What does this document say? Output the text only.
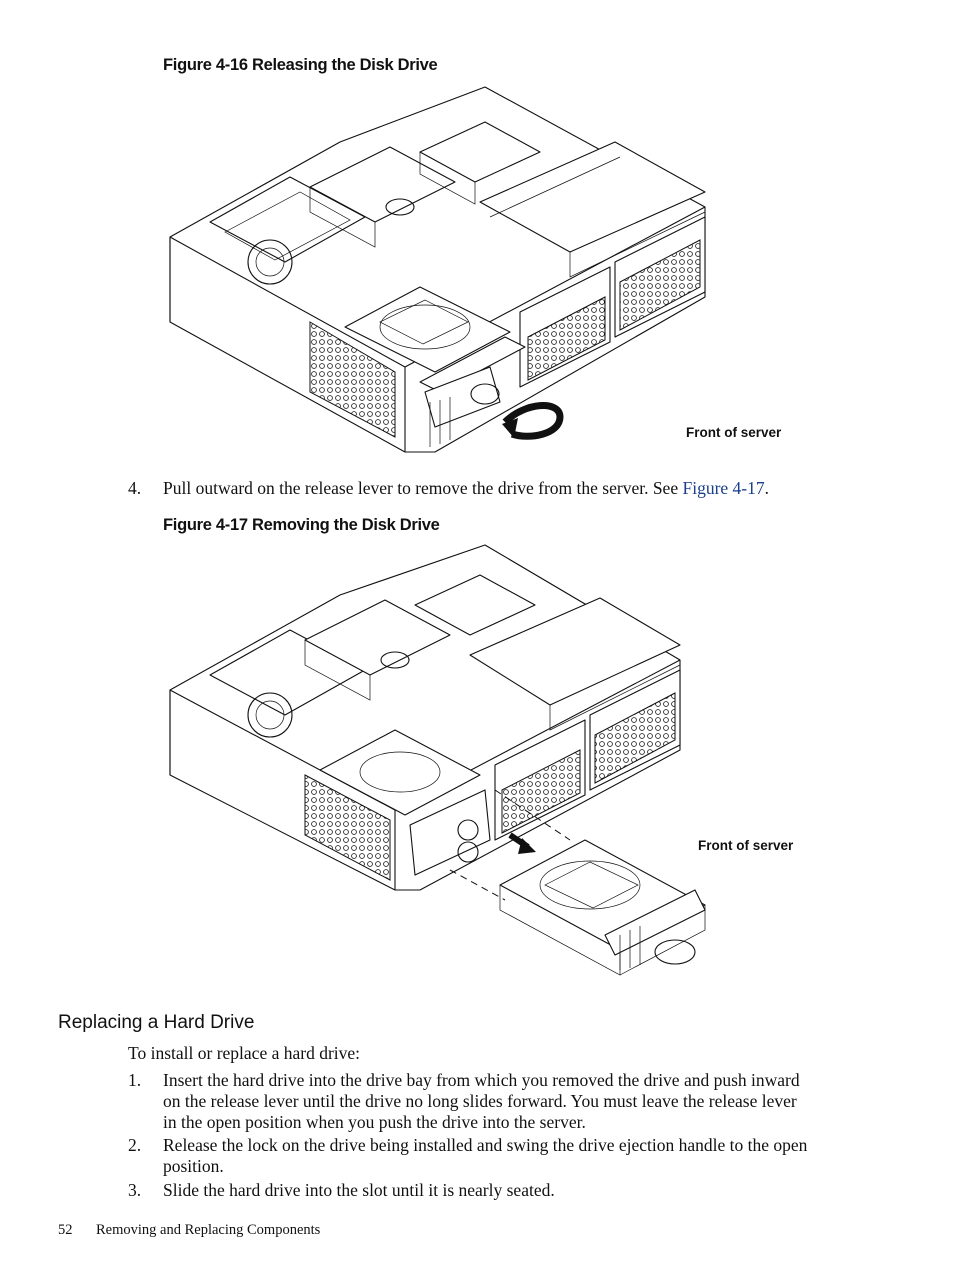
Figure 4-16 Releasing the Disk Drive
Front of server
4. Pull outward on the release lever to remove the drive from the server. See Figure 4-17.
Figure 4-17 Removing the Disk Drive
Front of server
Replacing a Hard Drive
To install or replace a hard drive:
1. Insert the hard drive into the drive bay from which you removed the drive and push inward
on the release lever until the drive no long slides forward. You must leave the release lever
in the open position when you push the drive into the server.
2. Release the lock on the drive being installed and swing the drive ejection handle to the open
position.
3. Slide the hard drive into the slot until it is nearly seated.
52 Removing and Replacing Components
